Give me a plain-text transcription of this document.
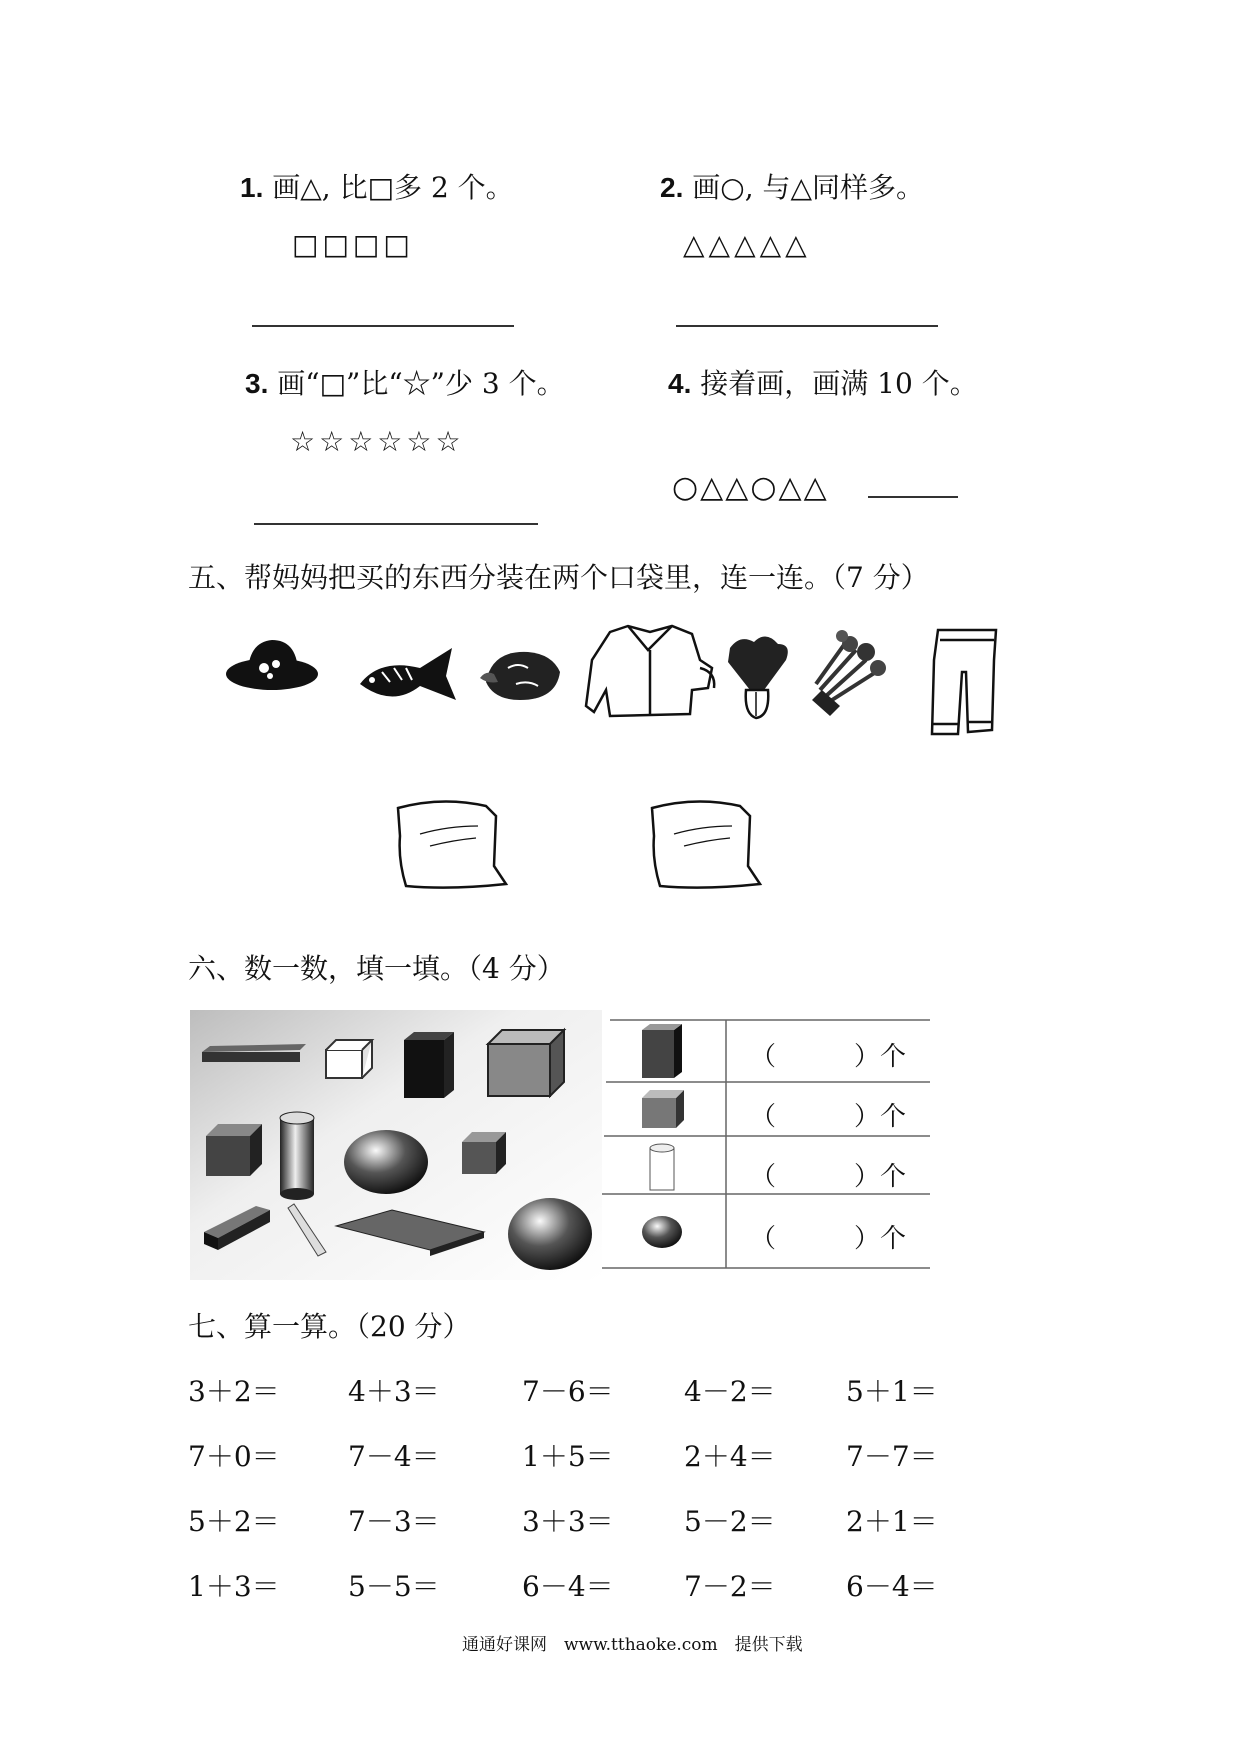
1. 画△, 比□多 2 个。
□□□□
2. 画○, 与△同样多。
△△△△△
3. 画“□”比“☆”少 3 个。
☆☆☆☆☆☆
4. 接着画，画满 10 个。
○△△○△△
五、帮妈妈把买的东西分装在两个口袋里，连一连。（7 分）
六、数一数，填一填。（4 分）
（　　　）个
（　　　）个
（　　　）个
（　　　）个
七、算一算。（20 分）
3＋2＝ 4＋3＝	7－6＝	4－2＝	5＋1＝
7＋0＝ 7－4＝	1＋5＝	2＋4＝	7－7＝
5＋2＝ 7－3＝	3＋3＝	5－2＝	2＋1＝
1＋3＝ 5－5＝	6－4＝	7－2＝	6－4＝
通通好课网　www.tthaoke.com　提供下载
